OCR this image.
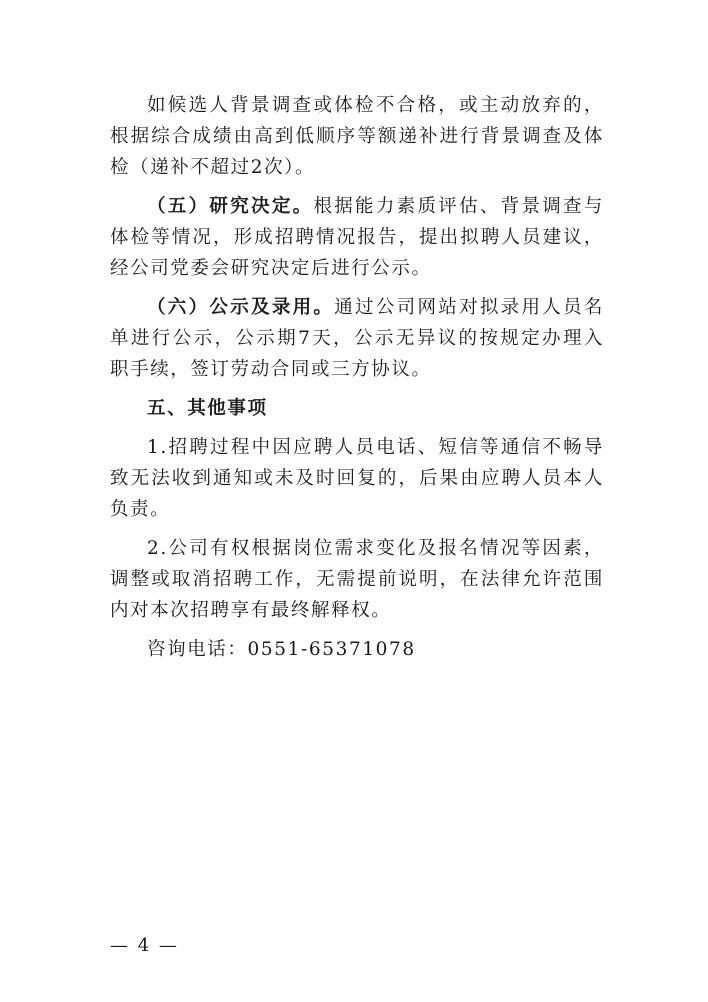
如候选人背景调查或体检不合格，或主动放弃的，根据综合成绩由高到低顺序等额递补进行背景调查及体检（递补不超过2次）。

（五）研究决定。根据能力素质评估、背景调查与体检等情况，形成招聘情况报告，提出拟聘人员建议，经公司党委会研究决定后进行公示。

（六）公示及录用。通过公司网站对拟录用人员名单进行公示，公示期7天，公示无异议的按规定办理入职手续，签订劳动合同或三方协议。

五、其他事项

1.招聘过程中因应聘人员电话、短信等通信不畅导致无法收到通知或未及时回复的，后果由应聘人员本人负责。

2.公司有权根据岗位需求变化及报名情况等因素，调整或取消招聘工作，无需提前说明，在法律允许范围内对本次招聘享有最终解释权。

咨询电话：0551-65371078

— 4 —
